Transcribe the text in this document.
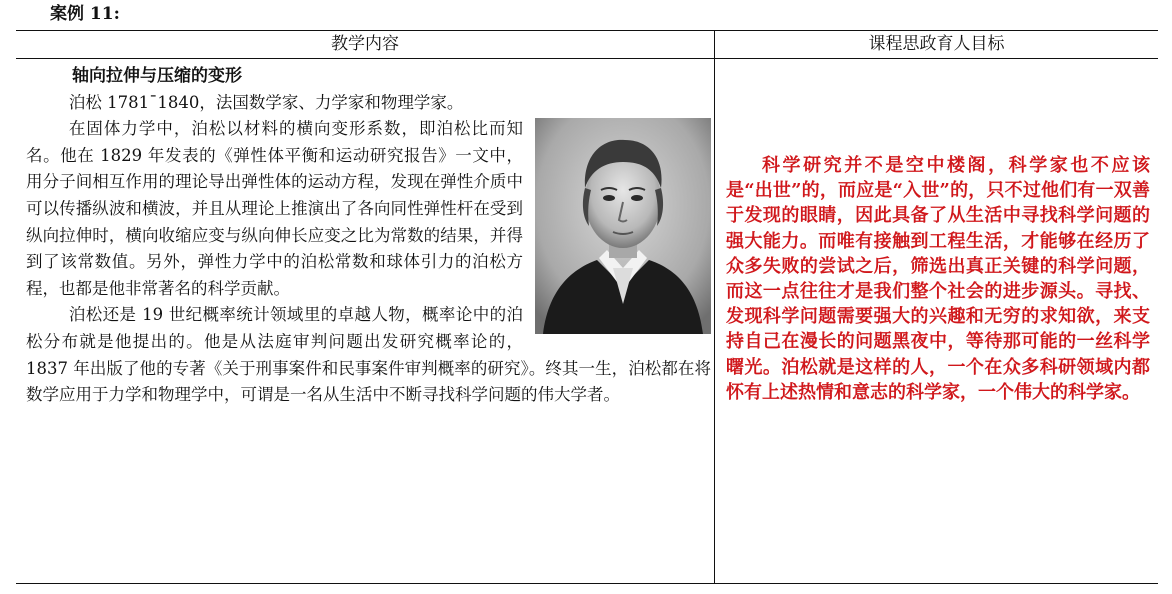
案例 11:
教学内容	课程思政育人目标
轴向拉伸与压缩的变形

泊松 1781¯1840，法国数学家、力学家和物理学家。

在固体力学中，泊松以材料的横向变形系数，即泊松比而知名。他在 1829 年发表的《弹性体平衡和运动研究报告》一文中，用分子间相互作用的理论导出弹性体的运动方程，发现在弹性介质中可以传播纵波和横波，并且从理论上推演出了各向同性弹性杆在受到纵向拉伸时，横向收缩应变与纵向伸长应变之比为常数的结果，并得到了该常数值。另外，弹性力学中的泊松常数和球体引力的泊松方程，也都是他非常著名的科学贡献。

泊松还是 19 世纪概率统计领域里的卓越人物，概率论中的泊松分布就是他提出的。他是从法庭审判问题出发研究概率论的，1837 年出版了他的专著《关于刑事案件和民事案件审判概率的研究》。终其一生，泊松都在将数学应用于力学和物理学中，可谓是一名从生活中不断寻找科学问题的伟大学者。

科学研究并不是空中楼阁，科学家也不应该是“出世”的，而应是“入世”的，只不过他们有一双善于发现的眼睛，因此具备了从生活中寻找科学问题的强大能力。而唯有接触到工程生活，才能够在经历了众多失败的尝试之后，筛选出真正关键的科学问题，而这一点往往才是我们整个社会的进步源头。寻找、发现科学问题需要强大的兴趣和无穷的求知欲，来支持自己在漫长的问题黑夜中，等待那可能的一丝科学曙光。泊松就是这样的人，一个在众多科研领域内都怀有上述热情和意志的科学家，一个伟大的科学家。
